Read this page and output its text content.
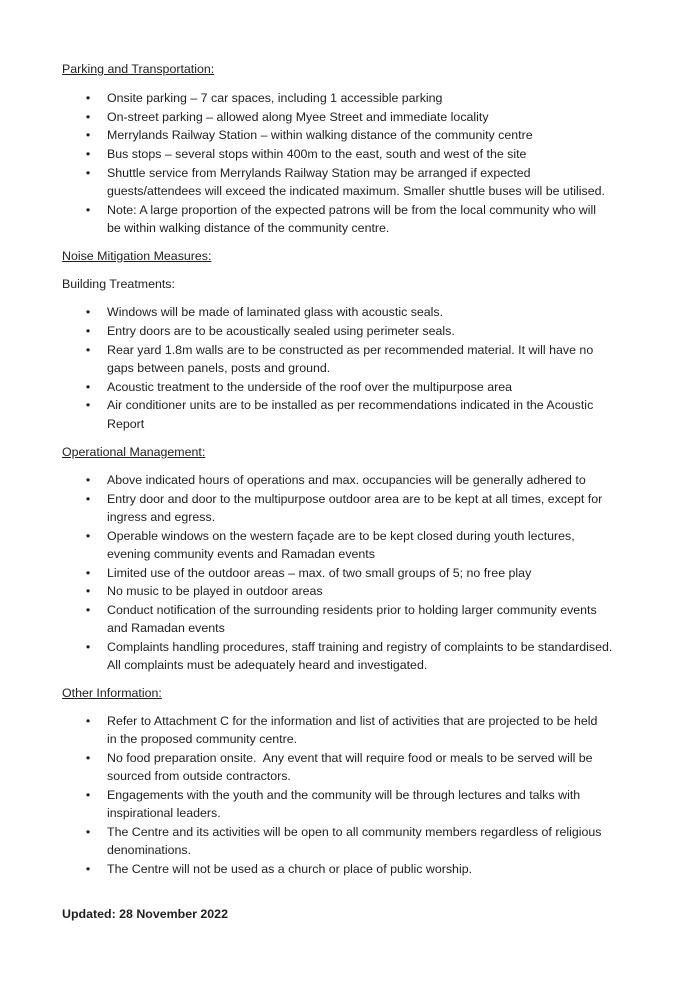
Parking and Transportation:
• Onsite parking – 7 car spaces, including 1 accessible parking
• On-street parking – allowed along Myee Street and immediate locality
• Merrylands Railway Station – within walking distance of the community centre
• Bus stops – several stops within 400m to the east, south and west of the site
• Shuttle service from Merrylands Railway Station may be arranged if expected
guests/attendees will exceed the indicated maximum. Smaller shuttle buses will be utilised.
• Note: A large proportion of the expected patrons will be from the local community who will
be within walking distance of the community centre.
Noise Mitigation Measures:
Building Treatments:
• Windows will be made of laminated glass with acoustic seals.
• Entry doors are to be acoustically sealed using perimeter seals.
• Rear yard 1.8m walls are to be constructed as per recommended material. It will have no
gaps between panels, posts and ground.
• Acoustic treatment to the underside of the roof over the multipurpose area
• Air conditioner units are to be installed as per recommendations indicated in the Acoustic
Report
Operational Management:
• Above indicated hours of operations and max. occupancies will be generally adhered to
• Entry door and door to the multipurpose outdoor area are to be kept at all times, except for
ingress and egress.
• Operable windows on the western façade are to be kept closed during youth lectures,
evening community events and Ramadan events
• Limited use of the outdoor areas – max. of two small groups of 5; no free play
• No music to be played in outdoor areas
• Conduct notification of the surrounding residents prior to holding larger community events
and Ramadan events
• Complaints handling procedures, staff training and registry of complaints to be standardised.
All complaints must be adequately heard and investigated.
Other Information:
• Refer to Attachment C for the information and list of activities that are projected to be held
in the proposed community centre.
• No food preparation onsite.  Any event that will require food or meals to be served will be
sourced from outside contractors.
• Engagements with the youth and the community will be through lectures and talks with
inspirational leaders.
• The Centre and its activities will be open to all community members regardless of religious
denominations.
• The Centre will not be used as a church or place of public worship.
Updated: 28 November 2022
